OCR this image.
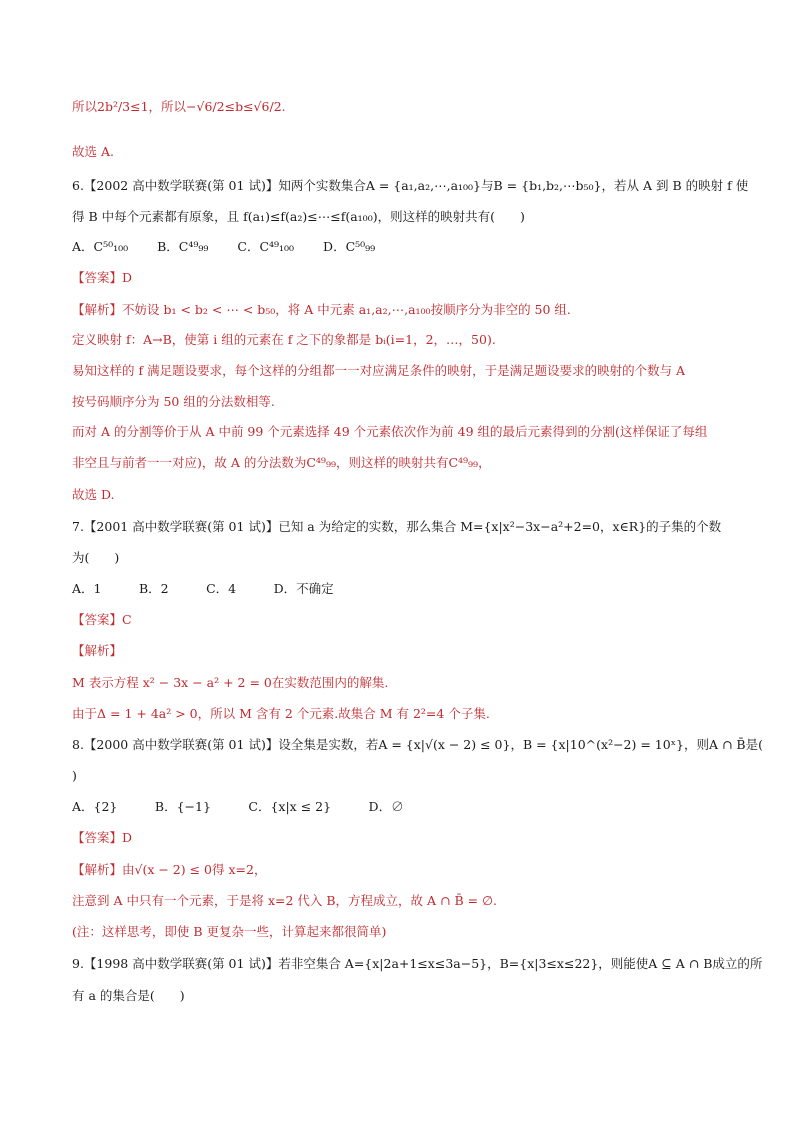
所以2b²/3≤1，所以−√6/2≤b≤√6/2.
故选 A.
6.【2002 高中数学联赛(第 01 试)】知两个实数集合A = {a₁,a₂,⋯,a₁₀₀}与B = {b₁,b₂,⋯b₅₀}，若从 A 到 B 的映射 f 使
得 B 中每个元素都有原象，且 f(a₁)≤f(a₂)≤⋯≤f(a₁₀₀)，则这样的映射共有(　　)
A．C⁵⁰₁₀₀　　 B．C⁴⁹₉₉　　 C．C⁴⁹₁₀₀　　 D．C⁵⁰₉₉
【答案】D
【解析】不妨设 b₁ < b₂ < ⋯ < b₅₀，将 A 中元素 a₁,a₂,⋯,a₁₀₀按顺序分为非空的 50 组.
定义映射 f：A→B，使第 i 组的元素在 f 之下的象都是 bᵢ(i=1，2，…，50).
易知这样的 f 满足题设要求，每个这样的分组都一一对应满足条件的映射，于是满足题设要求的映射的个数与 A
按号码顺序分为 50 组的分法数相等.
而对 A 的分割等价于从 A 中前 99 个元素选择 49 个元素依次作为前 49 组的最后元素得到的分割(这样保证了每组
非空且与前者一一对应)，故 A 的分法数为C⁴⁹₉₉，则这样的映射共有C⁴⁹₉₉，
故选 D.
7.【2001 高中数学联赛(第 01 试)】已知 a 为给定的实数，那么集合 M={x|x²−3x−a²+2=0，x∈R}的子集的个数
为(　　)
A．1　　　B．2　　　C．4　　　D．不确定
【答案】C
【解析】
M 表示方程 x² − 3x − a² + 2 = 0在实数范围内的解集.
由于Δ = 1 + 4a² > 0，所以 M 含有 2 个元素.故集合 M 有 2²=4 个子集.
8.【2000 高中数学联赛(第 01 试)】设全集是实数，若A = {x|√(x − 2) ≤ 0}，B = {x|10^(x²−2) = 10ˣ}，则A ∩ B̄是(
)
A．{2}　　　B．{−1}　　　C．{x|x ≤ 2}　　　D．∅
【答案】D
【解析】由√(x − 2) ≤ 0得 x=2，
注意到 A 中只有一个元素，于是将 x=2 代入 B，方程成立，故 A ∩ B̄ = ∅.
(注：这样思考，即使 B 更复杂一些，计算起来都很简单)
9.【1998 高中数学联赛(第 01 试)】若非空集合 A={x|2a+1≤x≤3a−5}，B={x|3≤x≤22}，则能使A ⊆ A ∩ B成立的所
有 a 的集合是(　　)
